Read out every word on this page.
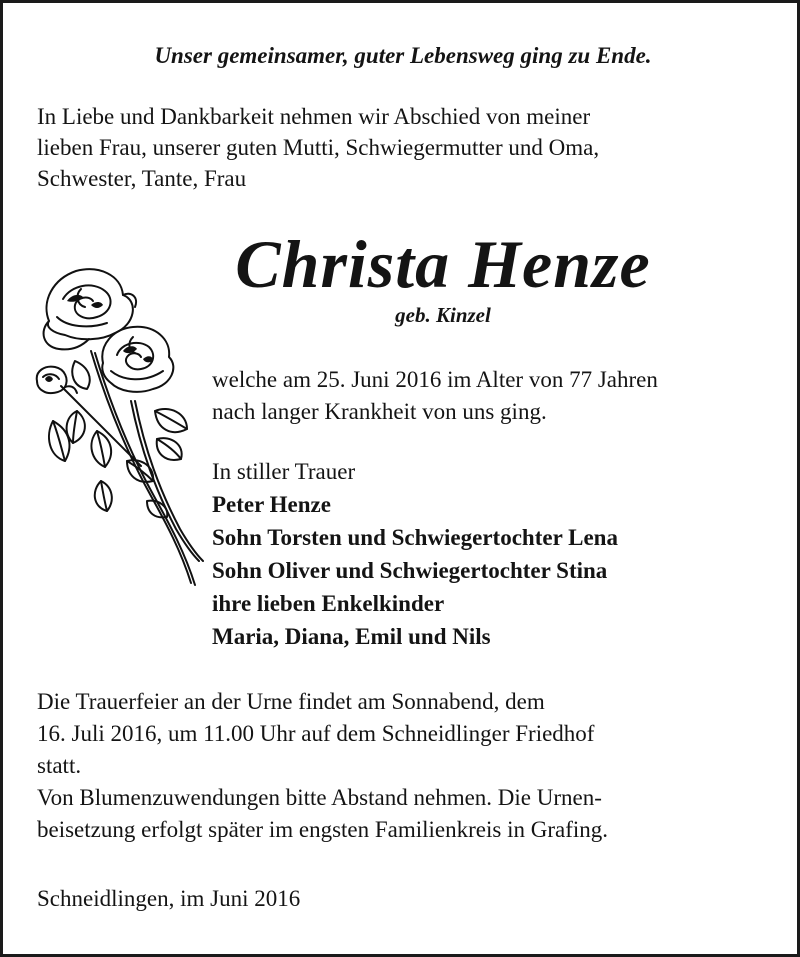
Unser gemeinsamer, guter Lebensweg ging zu Ende.
In Liebe und Dankbarkeit nehmen wir Abschied von meiner
lieben Frau, unserer guten Mutti, Schwiegermutter und Oma,
Schwester, Tante, Frau
Christa Henze
geb. Kinzel
welche am 25. Juni 2016 im Alter von 77 Jahren
nach langer Krankheit von uns ging.
In stiller Trauer
Peter Henze
Sohn Torsten und Schwiegertochter Lena
Sohn Oliver und Schwiegertochter Stina
ihre lieben Enkelkinder
Maria, Diana, Emil und Nils
Die Trauerfeier an der Urne findet am Sonnabend, dem
16. Juli 2016, um 11.00 Uhr auf dem Schneidlinger Friedhof
statt.
Von Blumenzuwendungen bitte Abstand nehmen. Die Urnen-
beisetzung erfolgt später im engsten Familienkreis in Grafing.
Schneidlingen, im Juni 2016
